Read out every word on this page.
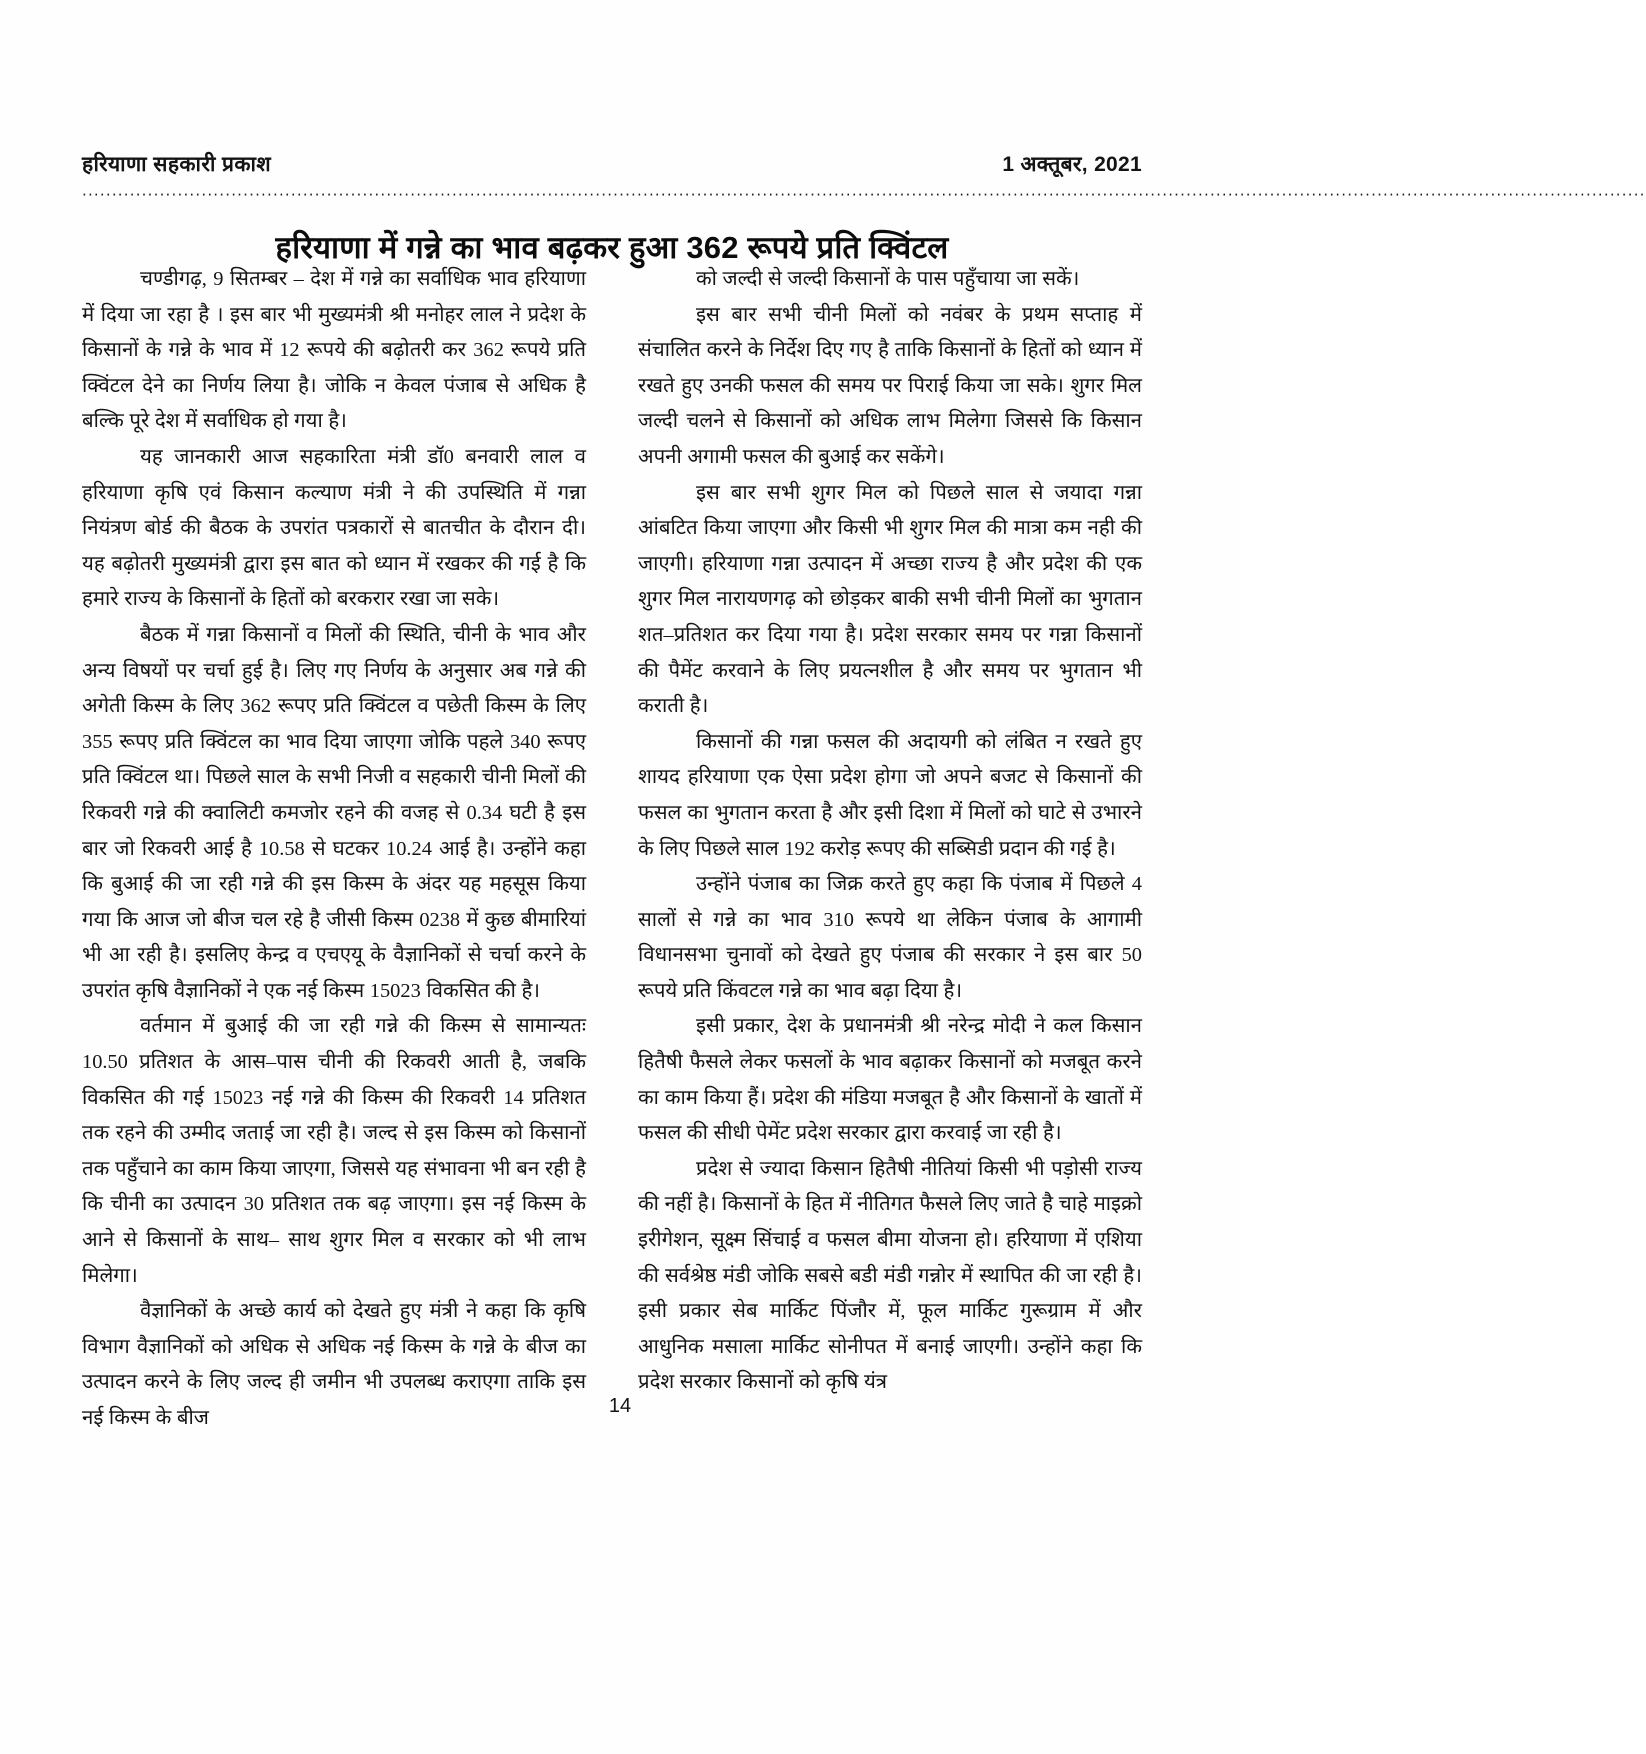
हरियाणा सहकारी प्रकाश	1 अक्तूबर, 2021
······································································································································································································································································
हरियाणा में गन्ने का भाव बढ़कर हुआ 362 रूपये प्रति क्विंटल

चण्डीगढ़, 9 सितम्बर – देश में गन्ने का सर्वाधिक भाव हरियाणा में दिया जा रहा है । इस बार भी मुख्यमंत्री श्री मनोहर लाल ने प्रदेश के किसानों के गन्ने के भाव में 12 रूपये की बढ़ोतरी कर 362 रूपये प्रति क्विंटल देने का निर्णय लिया है। जोकि न केवल पंजाब से अधिक है बल्कि पूरे देश में सर्वाधिक हो गया है।

यह जानकारी आज सहकारिता मंत्री डॉ0 बनवारी लाल व हरियाणा कृषि एवं किसान कल्याण मंत्री ने की उपस्थिति में गन्ना नियंत्रण बोर्ड की बैठक के उपरांत पत्रकारों से बातचीत के दौरान दी। यह बढ़ोतरी मुख्यमंत्री द्वारा इस बात को ध्यान में रखकर की गई है कि हमारे राज्य के किसानों के हितों को बरकरार रखा जा सके।

बैठक में गन्ना किसानों व मिलों की स्थिति, चीनी के भाव और अन्य विषयों पर चर्चा हुई है। लिए गए निर्णय के अनुसार अब गन्ने की अगेती किस्म के लिए 362 रूपए प्रति क्विंटल व पछेती किस्म के लिए 355 रूपए प्रति क्विंटल का भाव दिया जाएगा जोकि पहले 340 रूपए प्रति क्विंटल था। पिछले साल के सभी निजी व सहकारी चीनी मिलों की रिकवरी गन्ने की क्वालिटी कमजोर रहने की वजह से 0.34 घटी है इस बार जो रिकवरी आई है 10.58 से घटकर 10.24 आई है। उन्होंने कहा कि बुआई की जा रही गन्ने की इस किस्म के अंदर यह महसूस किया गया कि आज जो बीज चल रहे है जीसी किस्म 0238 में कुछ बीमारियां भी आ रही है। इसलिए केन्द्र व एचएयू के वैज्ञानिकों से चर्चा करने के उपरांत कृषि वैज्ञानिकों ने एक नई किस्म 15023 विकसित की है।

वर्तमान में बुआई की जा रही गन्ने की किस्म से सामान्यतः 10.50 प्रतिशत के आस–पास चीनी की रिकवरी आती है, जबकि विकसित की गई 15023 नई गन्ने की किस्म की रिकवरी 14 प्रतिशत तक रहने की उम्मीद जताई जा रही है। जल्द से इस किस्म को किसानों तक पहुँचाने का काम किया जाएगा, जिससे यह संभावना भी बन रही है कि चीनी का उत्पादन 30 प्रतिशत तक बढ़ जाएगा। इस नई किस्म के आने से किसानों के साथ– साथ शुगर मिल व सरकार को भी लाभ मिलेगा।

वैज्ञानिकों के अच्छे कार्य को देखते हुए मंत्री ने कहा कि कृषि विभाग वैज्ञानिकों को अधिक से अधिक नई किस्म के गन्ने के बीज का उत्पादन करने के लिए जल्द ही जमीन भी उपलब्ध कराएगा ताकि इस नई किस्म के बीज

को जल्दी से जल्दी किसानों के पास पहुँचाया जा सकें।

इस बार सभी चीनी मिलों को नवंबर के प्रथम सप्ताह में संचालित करने के निर्देश दिए गए है ताकि किसानों के हितों को ध्यान में रखते हुए उनकी फसल की समय पर पिराई किया जा सके। शुगर मिल जल्दी चलने से किसानों को अधिक लाभ मिलेगा जिससे कि किसान अपनी अगामी फसल की बुआई कर सकेंगे।

इस बार सभी शुगर मिल को पिछले साल से जयादा गन्ना आंबटित किया जाएगा और किसी भी शुगर मिल की मात्रा कम नही की जाएगी। हरियाणा गन्ना उत्पादन में अच्छा राज्य है और प्रदेश की एक शुगर मिल नारायणगढ़ को छोड़कर बाकी सभी चीनी मिलों का भुगतान शत–प्रतिशत कर दिया गया है। प्रदेश सरकार समय पर गन्ना किसानों की पैमेंट करवाने के लिए प्रयत्नशील है और समय पर भुगतान भी कराती है।

किसानों की गन्ना फसल की अदायगी को लंबित न रखते हुए शायद हरियाणा एक ऐसा प्रदेश होगा जो अपने बजट से किसानों की फसल का भुगतान करता है और इसी दिशा में मिलों को घाटे से उभारने के लिए पिछले साल 192 करोड़ रूपए की सब्सिडी प्रदान की गई है।

उन्होंने पंजाब का जिक्र करते हुए कहा कि पंजाब में पिछले 4 सालों से गन्ने का भाव 310 रूपये था लेकिन पंजाब के आगामी विधानसभा चुनावों को देखते हुए पंजाब की सरकार ने इस बार 50 रूपये प्रति किंवटल गन्ने का भाव बढ़ा दिया है।

इसी प्रकार, देश के प्रधानमंत्री श्री नरेन्द्र मोदी ने कल किसान हितैषी फैसले लेकर फसलों के भाव बढ़ाकर किसानों को मजबूत करने का काम किया हैं। प्रदेश की मंडिया मजबूत है और किसानों के खातों में फसल की सीधी पेमेंट प्रदेश सरकार द्वारा करवाई जा रही है।

प्रदेश से ज्यादा किसान हितैषी नीतियां किसी भी पड़ोसी राज्य की नहीं है। किसानों के हित में नीतिगत फैसले लिए जाते है चाहे माइक्रो इरीगेशन, सूक्ष्म सिंचाई व फसल बीमा योजना हो। हरियाणा में एशिया की सर्वश्रेष्ठ मंडी जोकि सबसे बडी मंडी गन्नोर में स्थापित की जा रही है। इसी प्रकार सेब मार्किट पिंजौर में, फूल मार्किट गुरूग्राम में और आधुनिक मसाला मार्किट सोनीपत में बनाई जाएगी। उन्होंने कहा कि प्रदेश सरकार किसानों को कृषि यंत्र

14
